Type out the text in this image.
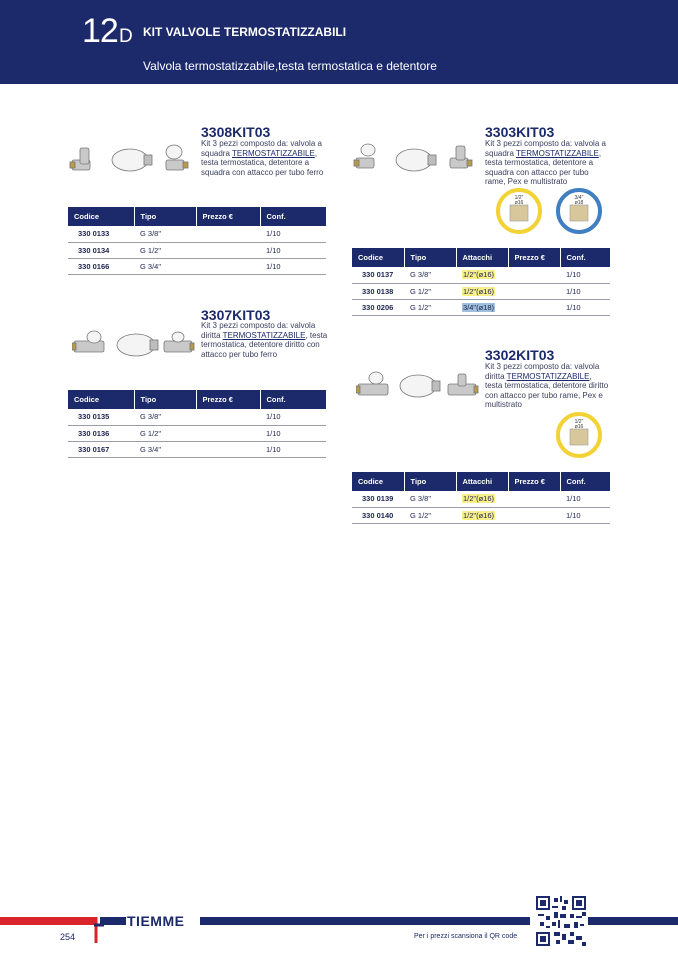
12 D KIT VALVOLE TERMOSTATIZZABILI
Valvola termostatizzabile,testa termostatica e detentore
3308KIT03
Kit 3 pezzi composto da: valvola a squadra TERMOSTATIZZABILE, testa termostatica, detentore a squadra con attacco per tubo ferro
Codice	Tipo	Prezzo €	Conf.
330 0133	G 3/8"		1/10
330 0134	G 1/2"		1/10
330 0166	G 3/4"		1/10
3307KIT03
Kit 3 pezzi composto da: valvola diritta TERMOSTATIZZABILE, testa termostatica, detentore diritto con attacco per tubo ferro
Codice	Tipo	Prezzo €	Conf.
330 0135	G 3/8"		1/10
330 0136	G 1/2"		1/10
330 0167	G 3/4"		1/10
3303KIT03
Kit 3 pezzi composto da: valvola a squadra TERMOSTATIZZABILE, testa termostatica, detentore a squadra con attacco per tubo rame, Pex e multistrato
1/2"
ø16
3/4"
ø18
Codice	Tipo	Attacchi	Prezzo €	Conf.
330 0137	G 3/8"	1/2"(ø16)		1/10
330 0138	G 1/2"	1/2"(ø16)		1/10
330 0206	G 1/2"	3/4"(ø18)		1/10
3302KIT03
Kit 3 pezzi composto da: valvola diritta TERMOSTATIZZABILE, testa termostatica, detentore diritto con attacco per tubo rame, Pex e multistrato
1/2"
ø16
Codice	Tipo	Attacchi	Prezzo €	Conf.
330 0139	G 3/8"	1/2"(ø16)		1/10
330 0140	G 1/2"	1/2"(ø16)		1/10
TIEMME
254	Per i prezzi scansiona il QR code
